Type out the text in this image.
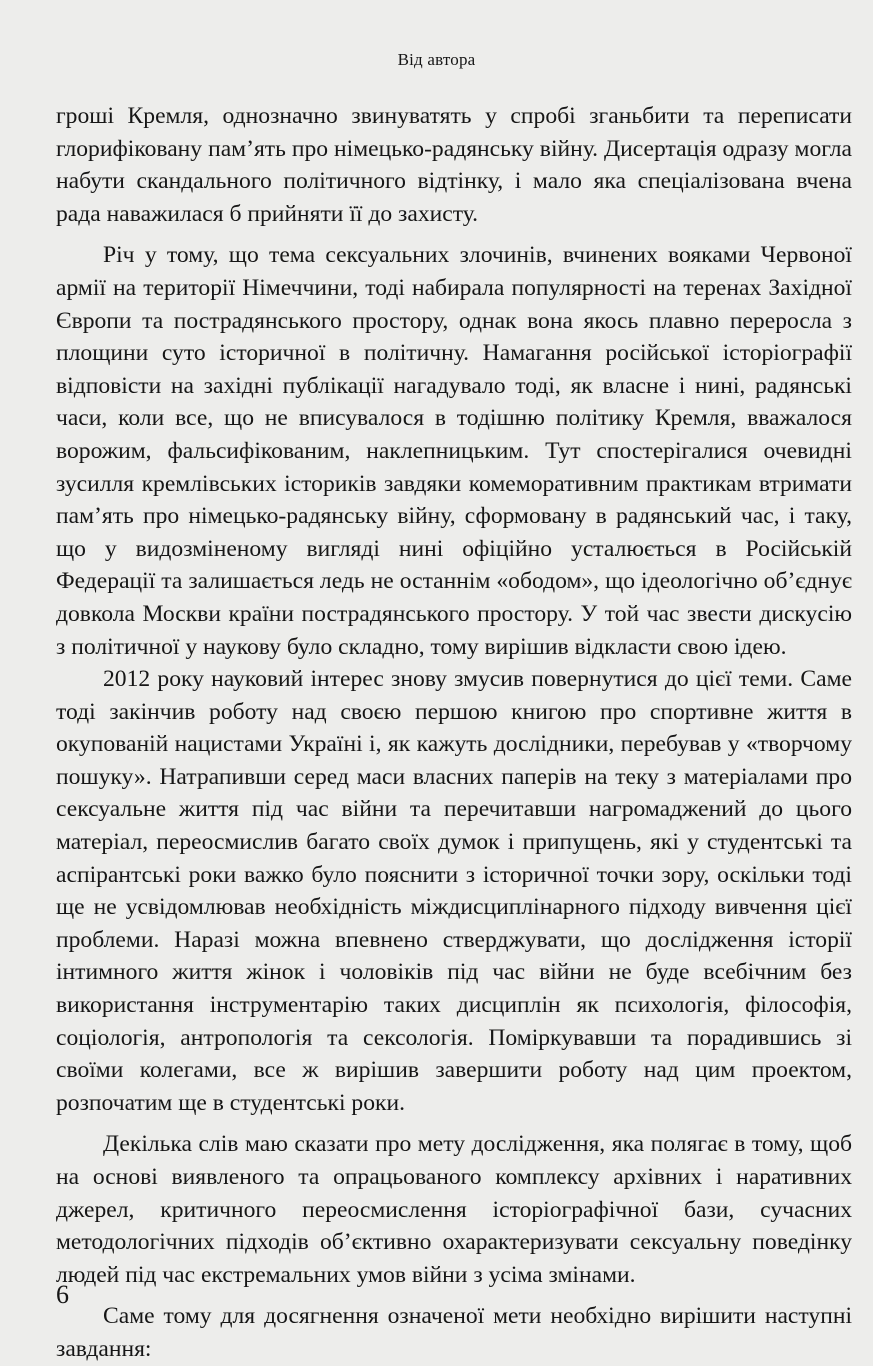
Від автора

гроші Кремля, однозначно звинуватять у спробі зганьбити та переписати глорифіковану пам’ять про німецько-радянську війну. Дисертація одразу могла набути скандального політичного відтінку, і мало яка спеціалізована вчена рада наважилася б прийняти її до захисту.

Річ у тому, що тема сексуальних злочинів, вчинених вояками Червоної армії на території Німеччини, тоді набирала популярності на теренах Західної Європи та пострадянського простору, однак вона якось плавно переросла з площини суто історичної в політичну. Намагання російської історіографії відповісти на західні публікації нагадувало тоді, як власне і нині, радянські часи, коли все, що не вписувалося в тодішню політику Кремля, вважалося ворожим, фальсифікованим, наклепницьким. Тут спостерігалися очевидні зусилля кремлівських істориків завдяки комеморативним практикам втримати пам’ять про німецько-радянську війну, сформовану в радянський час, і таку, що у видозміненому вигляді нині офіційно усталюється в Російській Федерації та залишається ледь не останнім «ободом», що ідеологічно об’єднує довкола Москви країни пострадянського простору. У той час звести дискусію з політичної у наукову було складно, тому вирішив відкласти свою ідею.

2012 року науковий інтерес знову змусив повернутися до цієї теми. Саме тоді закінчив роботу над своєю першою книгою про спортивне життя в окупованій нацистами Україні і, як кажуть дослідники, перебував у «творчому пошуку». Натрапивши серед маси власних паперів на теку з матеріалами про сексуальне життя під час війни та перечитавши нагромаджений до цього матеріал, переосмислив багато своїх думок і припущень, які у студентські та аспірантські роки важко було пояснити з історичної точки зору, оскільки тоді ще не усвідомлював необхідність міждисциплінарного підходу вивчення цієї проблеми. Наразі можна впевнено стверджувати, що дослідження історії інтимного життя жінок і чоловіків під час війни не буде всебічним без використання інструментарію таких дисциплін як психологія, філософія, соціологія, антропологія та сексологія. Поміркувавши та порадившись зі своїми колегами, все ж вирішив завершити роботу над цим проектом, розпочатим ще в студентські роки.

Декілька слів маю сказати про мету дослідження, яка полягає в тому, щоб на основі виявленого та опрацьованого комплексу архівних і наративних джерел, критичного переосмислення історіографічної бази, сучасних методологічних підходів об’єктивно охарактеризувати сексуальну поведінку людей під час екстремальних умов війни з усіма змінами.

Саме тому для досягнення означеної мети необхідно вирішити наступні завдання:

6
